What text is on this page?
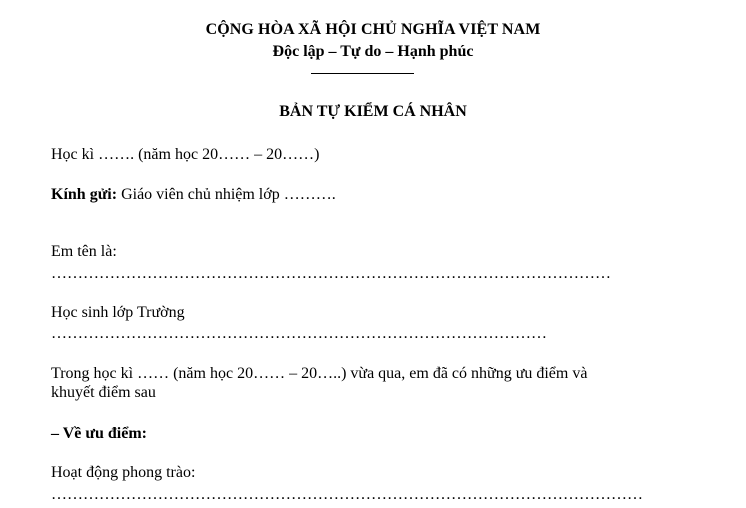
CỘNG HÒA XÃ HỘI CHỦ NGHĨA VIỆT NAM
Độc lập – Tự do – Hạnh phúc
BẢN TỰ KIỂM CÁ NHÂN
Học kì ……. (năm học 20…… – 20……)
Kính gửi: Giáo viên chủ nhiệm lớp ……….
Em tên là:
……………………………………………………………………………………………
Học sinh lớp Trường
…………………………………………………………………………………
Trong học kì …… (năm học 20…… – 20…..) vừa qua, em đã có những ưu điểm và
khuyết điểm sau
– Về ưu điểm:
Hoạt động phong trào:
…………………………………………………………………………………………………
